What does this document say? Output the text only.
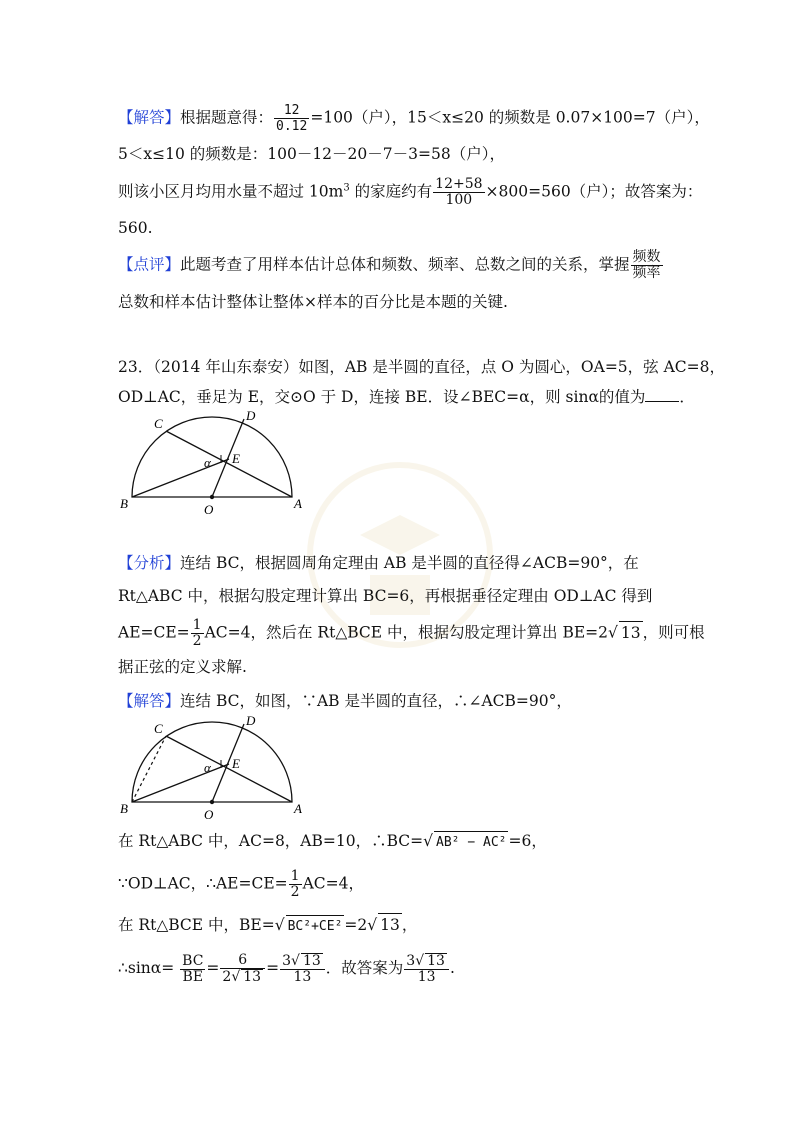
【解答】根据题意得： $\frac{12}{0.12} =100$（户），15＜x≤20 的频数是 0.07×100=7（户），
5＜x≤10 的频数是：100－12－20－7－3=58（户），
则该小区月均用水量不超过 $10m^3$ 的家庭约有 $\frac{12+58}{100} \times 800=560$（户）；故答案为：
560.
【点评】此题考查了用样本估计总体和频数、频率、总数之间的关系，掌握 $\frac{\text{频数}}{\text{频率}}$
总数和样本估计整体让整体×样本的百分比是本题的关键.
23．（2014 年山东泰安）如图，AB 是半圆的直径，点 O 为圆心，OA=5，弦 AC=8，
OD⊥AC，垂足为 E，交⊙O 于 D，连接 BE．设∠BEC=α，则 sinα的值为 ．
C
D
E
α
B	O	A
【分析】连结 BC，根据圆周角定理由 AB 是半圆的直径得∠ACB=90°，在
Rt△ABC 中，根据勾股定理计算出 BC=6，再根据垂径定理由 OD⊥AC 得到
$AE=CE= \frac{1}{2} AC=4$，然后在 Rt△BCE 中，根据勾股定理计算出 BE=2√ 13 ，则可根
据正弦的定义求解.
【解答】连结 BC，如图，∵AB 是半圆的直径，∴∠ACB=90°，
C
D
E
α
B	O	A
在 Rt△ABC 中，AC=8，AB=10，∴BC=√ AB² − AC² =6，
∵OD⊥AC，∴AE=CE= $\frac{1}{2} AC=4$，
在 Rt△BCE 中，BE=√ BC²+CE² =2√ 13 ，
∴sinα= $\frac{BC}{BE} = \frac{6}{2√ 13} = \frac{3√ 13}{13}$ ．故答案为 $\frac{3√ 13}{13}$ .
